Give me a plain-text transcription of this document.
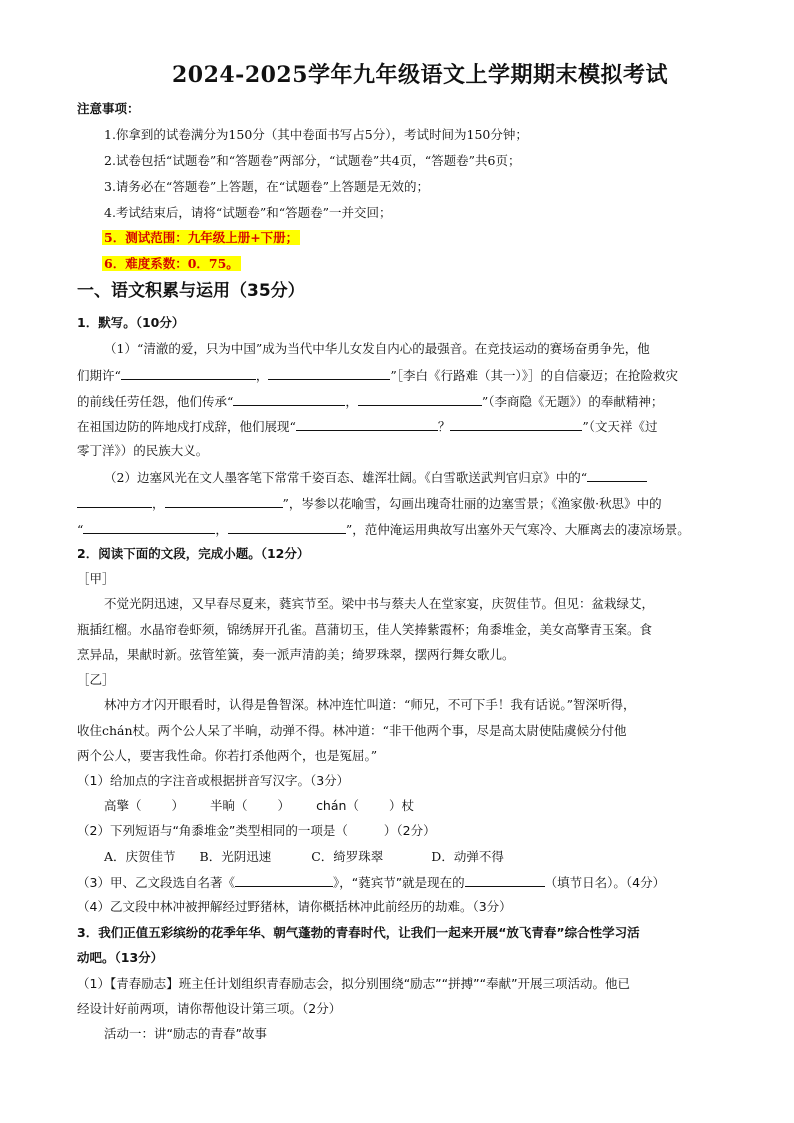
2024-2025学年九年级语文上学期期末模拟考试
注意事项：
1.你拿到的试卷满分为150分（其中卷面书写占5分），考试时间为150分钟；
2.试卷包括“试题卷”和“答题卷”两部分，“试题卷”共4页，“答题卷”共6页；
3.请务必在“答题卷”上答题，在“试题卷”上答题是无效的；
4.考试结束后，请将“试题卷”和“答题卷”一并交回；
5．测试范围：九年级上册+下册；
6．难度系数：0．75。
一、语文积累与运用（35分）
1．默写。（10分）
（1）“清澈的爱，只为中国”成为当代中华儿女发自内心的最强音。在竞技运动的赛场奋勇争先，他
们期许“	，	”［李白《行路难（其一）》］的自信豪迈；在抢险救灾
的前线任劳任怨，他们传承“	，	”（李商隐《无题》）的奉献精神；
在祖国边防的阵地戍打戍辞，他们展现“	？	”（文天祥《过
零丁洋》）的民族大义。
（2）边塞风光在文人墨客笔下常常千姿百态、雄浑壮阔。《白雪歌送武判官归京》中的“
，	”，岑参以花喻雪，勾画出瑰奇壮丽的边塞雪景；《渔家傲·秋思》中的
“	，	”，范仲淹运用典故写出塞外天气寒冷、大雁离去的凄凉场景。
2．阅读下面的文段，完成小题。（12分）
［甲］
不觉光阴迅速，又早春尽夏来，蕤宾节至。梁中书与蔡夫人在堂家宴，庆贺佳节。但见：盆栽绿艾，
瓶插红榴。水晶帘卷虾须，锦绣屏开孔雀。菖蒲切玉，佳人笑捧紫霞杯；角黍堆金，美女高擎青玉案。食
烹异品，果献时新。弦管笙簧，奏一派声清韵美；绮罗珠翠，摆两行舞女歌儿。
［乙］
林冲方才闪开眼看时，认得是鲁智深。林冲连忙叫道：“师兄，不可下手！我有话说。”智深听得，
收住chán杖。两个公人呆了半晌，动弹不得。林冲道：“非干他两个事，尽是高太尉使陆虞候分付他
两个公人，要害我性命。你若打杀他两个，也是冤屈。”
（1）给加点的字注音或根据拼音写汉字。（3分）
高擎（ ） 半晌（ ） chán（ ）杖
（2）下列短语与“角黍堆金”类型相同的一项是（	）（2分）
A．庆贺佳节 B．光阴迅速	C．绮罗珠翠	D．动弹不得
（3）甲、乙文段选自名著《	》，“蕤宾节”就是现在的	（填节日名）。（4分）
（4）乙文段中林冲被押解经过野猪林，请你概括林冲此前经历的劫难。（3分）
3．我们正值五彩缤纷的花季年华、朝气蓬勃的青春时代，让我们一起来开展“放飞青春”综合性学习活
动吧。（13分）
（1）【青春励志】班主任计划组织青春励志会，拟分别围绕“励志”“拼搏”“奉献”开展三项活动。他已
经设计好前两项，请你帮他设计第三项。（2分）
活动一：讲“励志的青春”故事
